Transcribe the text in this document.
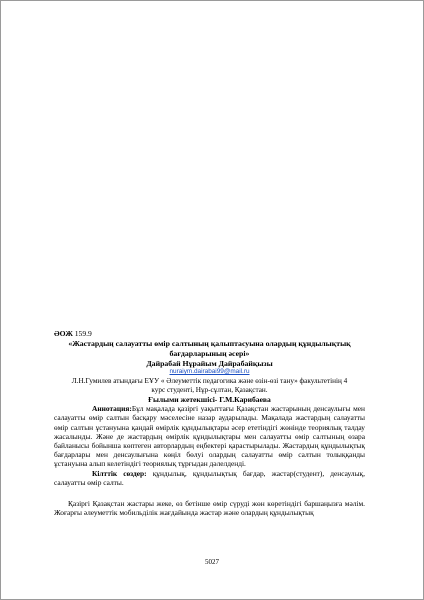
ӘОЖ 159.9
«Жастардың салауатты өмір салтының қалыптасуына олардың құндылықтық
бағдарларының әсері»
Дайрабай Нұрайым Дайрабайқызы
nuraiym.dairabai99@mail.ru
Л.Н.Гумилев атындағы ЕҰУ « Әлеуметтік педагогика және өзін-өзі тану» факультетінің 4
курс студенті, Нұр-сұлтан, Қазақстан.
Ғылыми жетекшісі- Г.М.Карибаева
Аннотация:Бұл мақалада қазіргі уақыттағы Қазақстан жастарының денсаулығы мен салауатты өмір салтын басқару мәселесіне назар аударылады. Мақалада жастардың салауатты өмір салтын ұстануына қандай өмірлік құндылықтары әсер ететіндігі жөнінде теориялық талдау жасалынды. Және де жастардың өмірлік құндылықтары мен салауатты өмір салтының өзара байланысы бойынша көптеген авторлардың еңбектері қарастырылады. Жастардың құндылықтық бағдарлары мен денсаулығына көңіл бөлуі олардың салауатты өмір салтын толыққанды ұстануына алып келетіндігі теориялық тұрғыдан дәлелденді.
Кілттік сөздер: құндылық, құндылықтық бағдар, жастар(студент), денсаулық, салауатты өмір салты.
Қазіргі Қазақстан жастары жеке, өз бетінше өмір сүруді жөн көретіндігі баршаңызға мәлім. Жоғарғы әлеуметтік мобильділік жағдайында жастар және олардың құндылықтық
5027
